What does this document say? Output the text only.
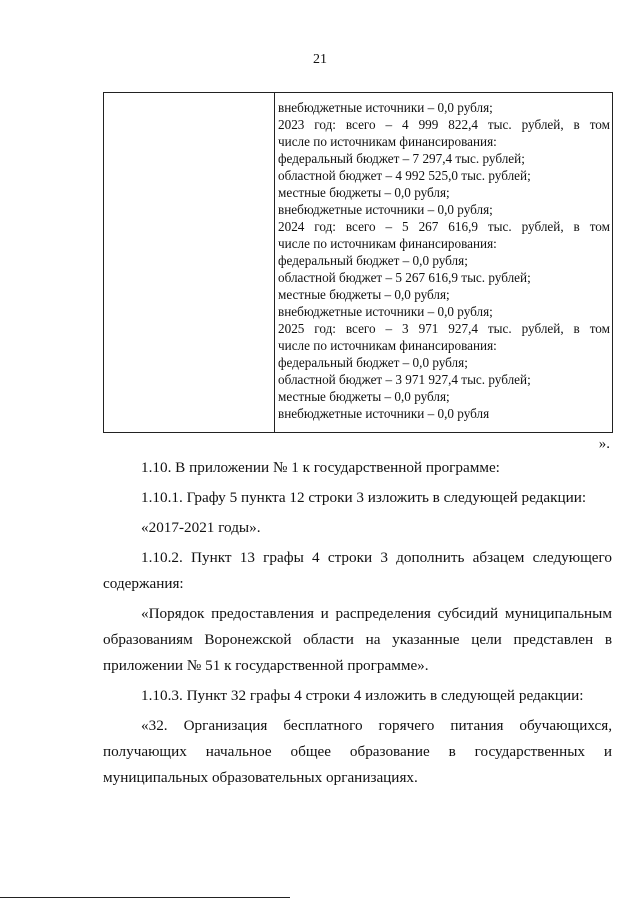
21
внебюджетные источники – 0,0 рубля;
2023 год: всего – 4 999 822,4 тыс. рублей, в том
числе по источникам финансирования:
федеральный бюджет – 7 297,4 тыс. рублей;
областной бюджет – 4 992 525,0 тыс. рублей;
местные бюджеты – 0,0 рубля;
внебюджетные источники – 0,0 рубля;
2024 год: всего – 5 267 616,9 тыс. рублей, в том
числе по источникам финансирования:
федеральный бюджет – 0,0 рубля;
областной бюджет – 5 267 616,9 тыс. рублей;
местные бюджеты – 0,0 рубля;
внебюджетные источники – 0,0 рубля;
2025 год: всего – 3 971 927,4 тыс. рублей, в том
числе по источникам финансирования:
федеральный бюджет – 0,0 рубля;
областной бюджет – 3 971 927,4 тыс. рублей;
местные бюджеты – 0,0 рубля;
внебюджетные источники – 0,0 рубля
».

1.10. В приложении № 1 к государственной программе:

1.10.1. Графу 5 пункта 12 строки 3 изложить в следующей редакции:

«2017-2021 годы».

1.10.2. Пункт 13 графы 4 строки 3 дополнить абзацем следующего содержания:

«Порядок предоставления и распределения субсидий муниципальным образованиям Воронежской области на указанные цели представлен в приложении № 51 к государственной программе».

1.10.3. Пункт 32 графы 4 строки 4 изложить в следующей редакции:

«32. Организация бесплатного горячего питания обучающихся, получающих начальное общее образование в государственных и муниципальных образовательных организациях.
